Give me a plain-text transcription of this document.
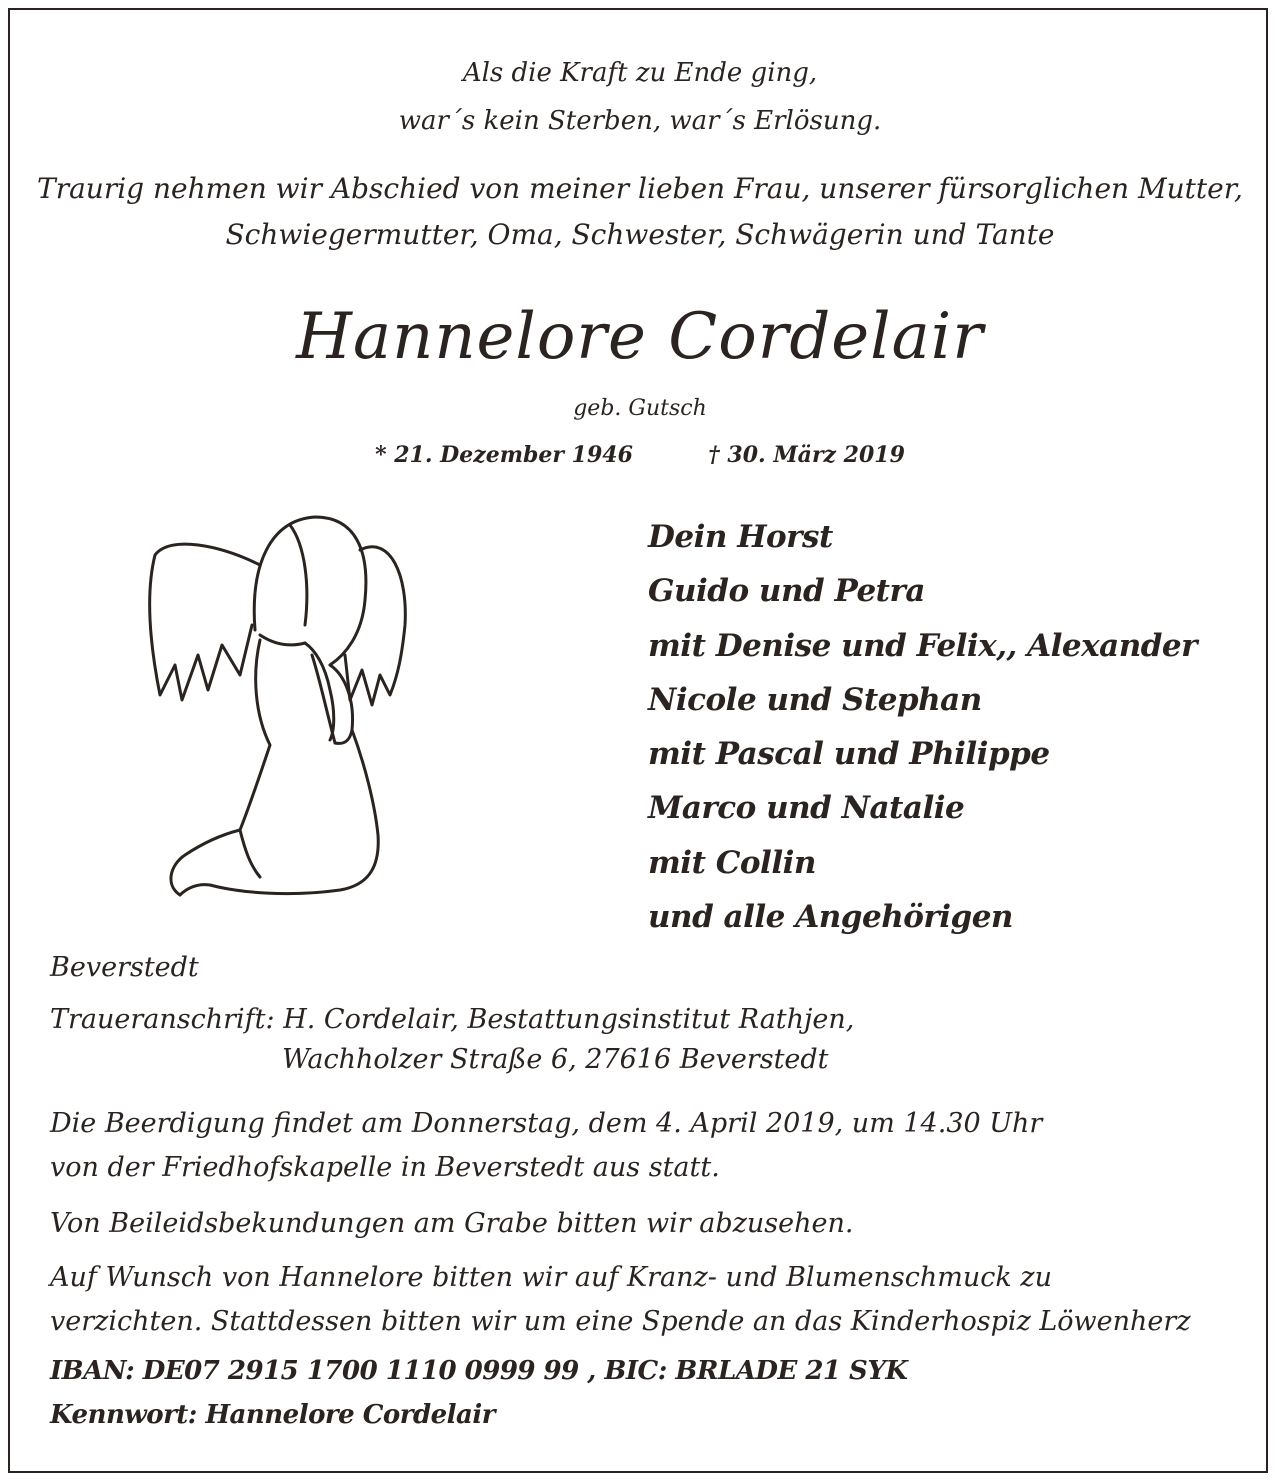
Als die Kraft zu Ende ging,
war´s kein Sterben, war´s Erlösung.
Traurig nehmen wir Abschied von meiner lieben Frau, unserer fürsorglichen Mutter,
Schwiegermutter, Oma, Schwester, Schwägerin und Tante
Hannelore Cordelair
geb. Gutsch
* 21. Dezember 1946	† 30. März 2019
Dein Horst
Guido und Petra
mit Denise und Felix,, Alexander
Nicole und Stephan
mit Pascal und Philippe
Marco und Natalie
mit Collin
und alle Angehörigen
Beverstedt
Traueranschrift: H. Cordelair, Bestattungsinstitut Rathjen,
Wachholzer Straße 6, 27616 Beverstedt
Die Beerdigung findet am Donnerstag, dem 4. April 2019, um 14.30 Uhr
von der Friedhofskapelle in Beverstedt aus statt.
Von Beileidsbekundungen am Grabe bitten wir abzusehen.
Auf Wunsch von Hannelore bitten wir auf Kranz- und Blumenschmuck zu
verzichten. Stattdessen bitten wir um eine Spende an das Kinderhospiz Löwenherz
IBAN: DE07 2915 1700 1110 0999 99 , BIC: BRLADE 21 SYK
Kennwort: Hannelore Cordelair
